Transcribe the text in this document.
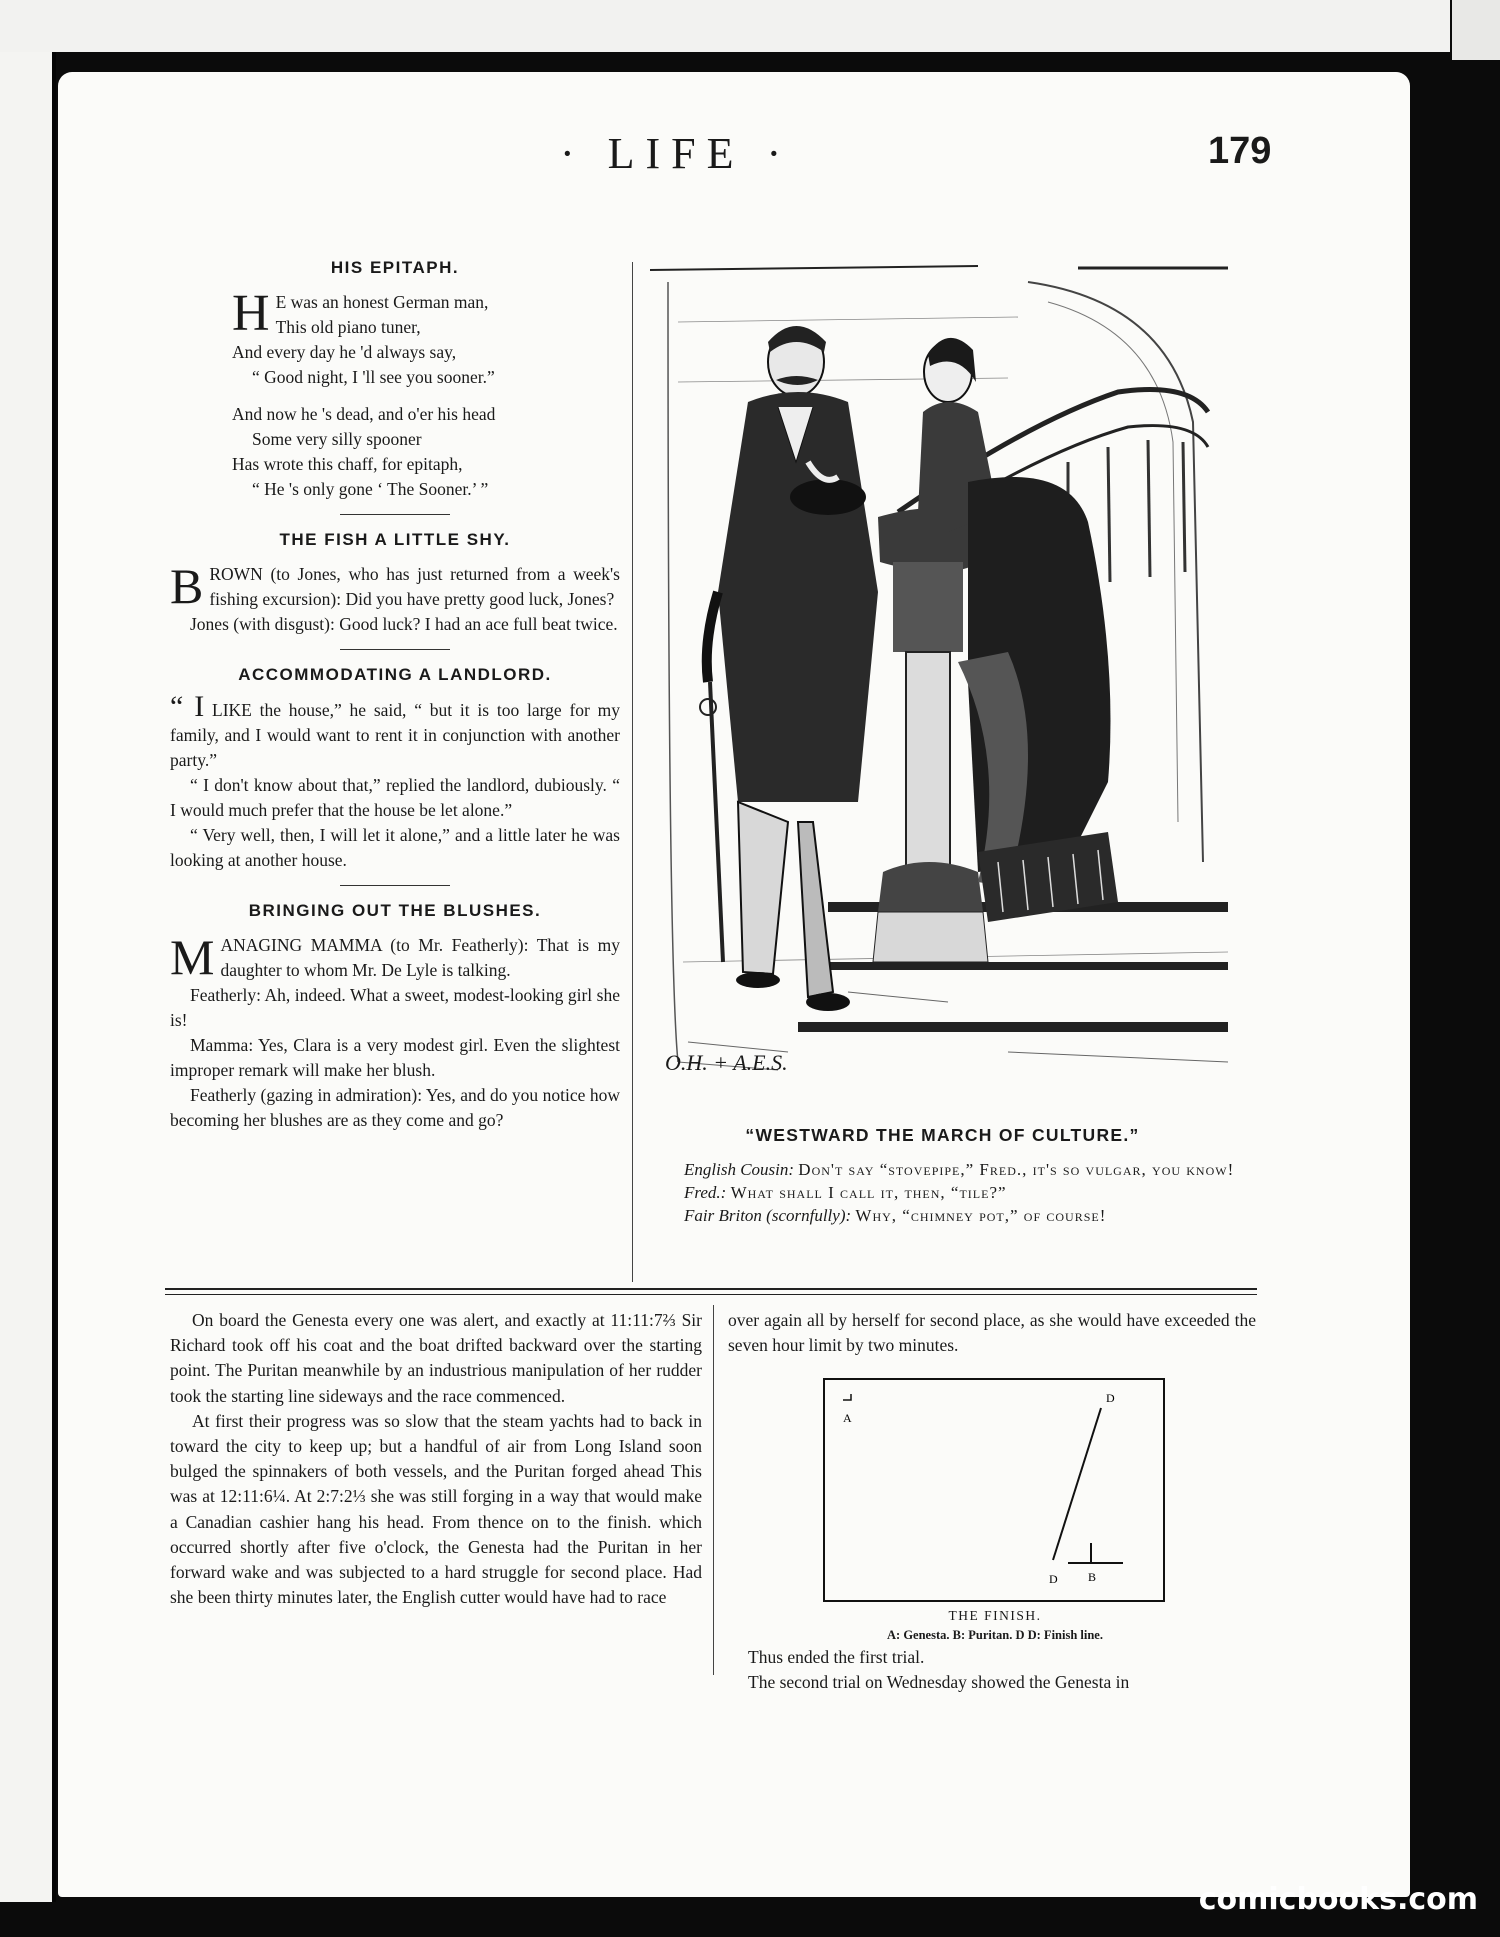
· LIFE ·	179
HIS EPITAPH.
H E was an honest German man,
This old piano tuner,
And every day he 'd always say,
“ Good night, I 'll see you sooner.”
And now he 's dead, and o'er his head
Some very silly spooner
Has wrote this chaff, for epitaph,
“ He 's only gone ‘ The Sooner.’ ”
THE FISH A LITTLE SHY.
B ROWN (to Jones, who has just returned from a week's fishing excursion): Did you have pretty good luck, Jones?

Jones (with disgust): Good luck? I had an ace full beat twice.

ACCOMMODATING A LANDLORD.

“ I LIKE the house,” he said, “ but it is too large for my family, and I would want to rent it in conjunction with another party.”

“ I don't know about that,” replied the landlord, dubiously. “ I would much prefer that the house be let alone.”

“ Very well, then, I will let it alone,” and a little later he was looking at another house.

BRINGING OUT THE BLUSHES.
M ANAGING MAMMA (to Mr. Featherly): That is my daughter to whom Mr. De Lyle is talking.

Featherly: Ah, indeed. What a sweet, modest-looking girl she is!

Mamma: Yes, Clara is a very modest girl. Even the slightest improper remark will make her blush.

Featherly (gazing in admiration): Yes, and do you notice how becoming her blushes are as they come and go?

O.H. + A.E.S.
“WESTWARD THE MARCH OF CULTURE.”

English Cousin: Don't say “stovepipe,” Fred., it's so vulgar, you know!

Fred.: What shall I call it, then, “tile?”

Fair Briton (scornfully): Why, “chimney pot,” of course!

On board the Genesta every one was alert, and exactly at 11:11:7⅔ Sir Richard took off his coat and the boat drifted backward over the starting point. The Puritan meanwhile by an industrious manipulation of her rudder took the starting line sideways and the race commenced.

At first their progress was so slow that the steam yachts had to back in toward the city to keep up; but a handful of air from Long Island soon bulged the spinnakers of both vessels, and the Puritan forged ahead This was at 12:11:6¼. At 2:7:2⅓ she was still forging in a way that would make a Canadian cashier hang his head. From thence on to the finish. which occurred shortly after five o'clock, the Genesta had the Puritan in her forward wake and was subjected to a hard struggle for second place. Had she been thirty minutes later, the English cutter would have had to race

over again all by herself for second place, as she would have exceeded the seven hour limit by two minutes.

A
D
D	B
THE FINISH.
A: Genesta. B: Puritan. D D: Finish line.

Thus ended the first trial.

The second trial on Wednesday showed the Genesta in

comicbooks.com
